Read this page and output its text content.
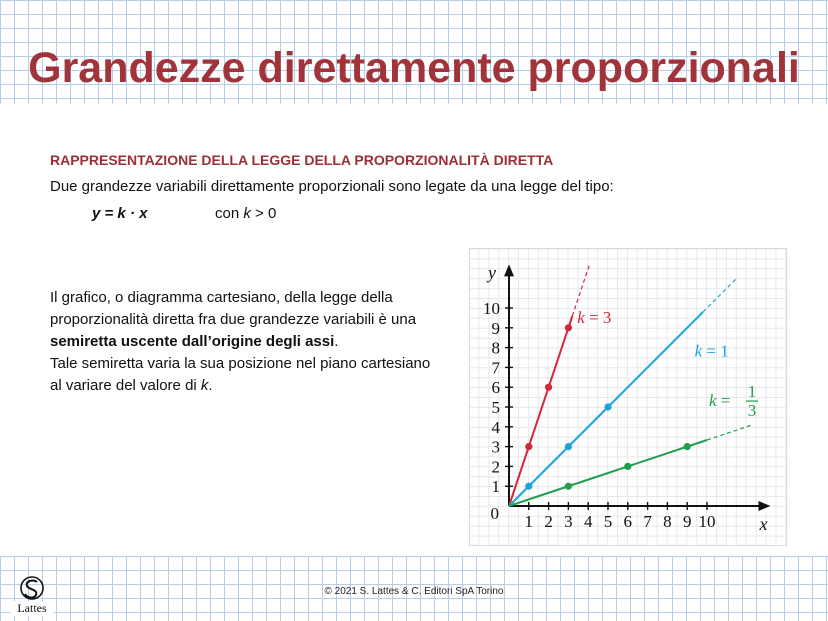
Grandezze direttamente proporzionali
RAPPRESENTAZIONE DELLA LEGGE DELLA PROPORZIONALITÀ DIRETTA
Due grandezze variabili direttamente proporzionali sono legate da una legge del tipo:
y = k · x	con k > 0
Il grafico, o diagramma cartesiano, della legge della proporzionalità diretta fra due grandezze variabili è una semiretta uscente dall’origine degli assi.
Tale semiretta varia la sua posizione nel piano cartesiano al variare del valore di k.
1 2 3 4 5 6 7 8 9 10
1
2
3
4
5
6
7
8
9
10
0
x
y
k = 3
k = 1
k = 1
3
© 2021 S. Lattes & C. Editori SpA Torino
Lattes
